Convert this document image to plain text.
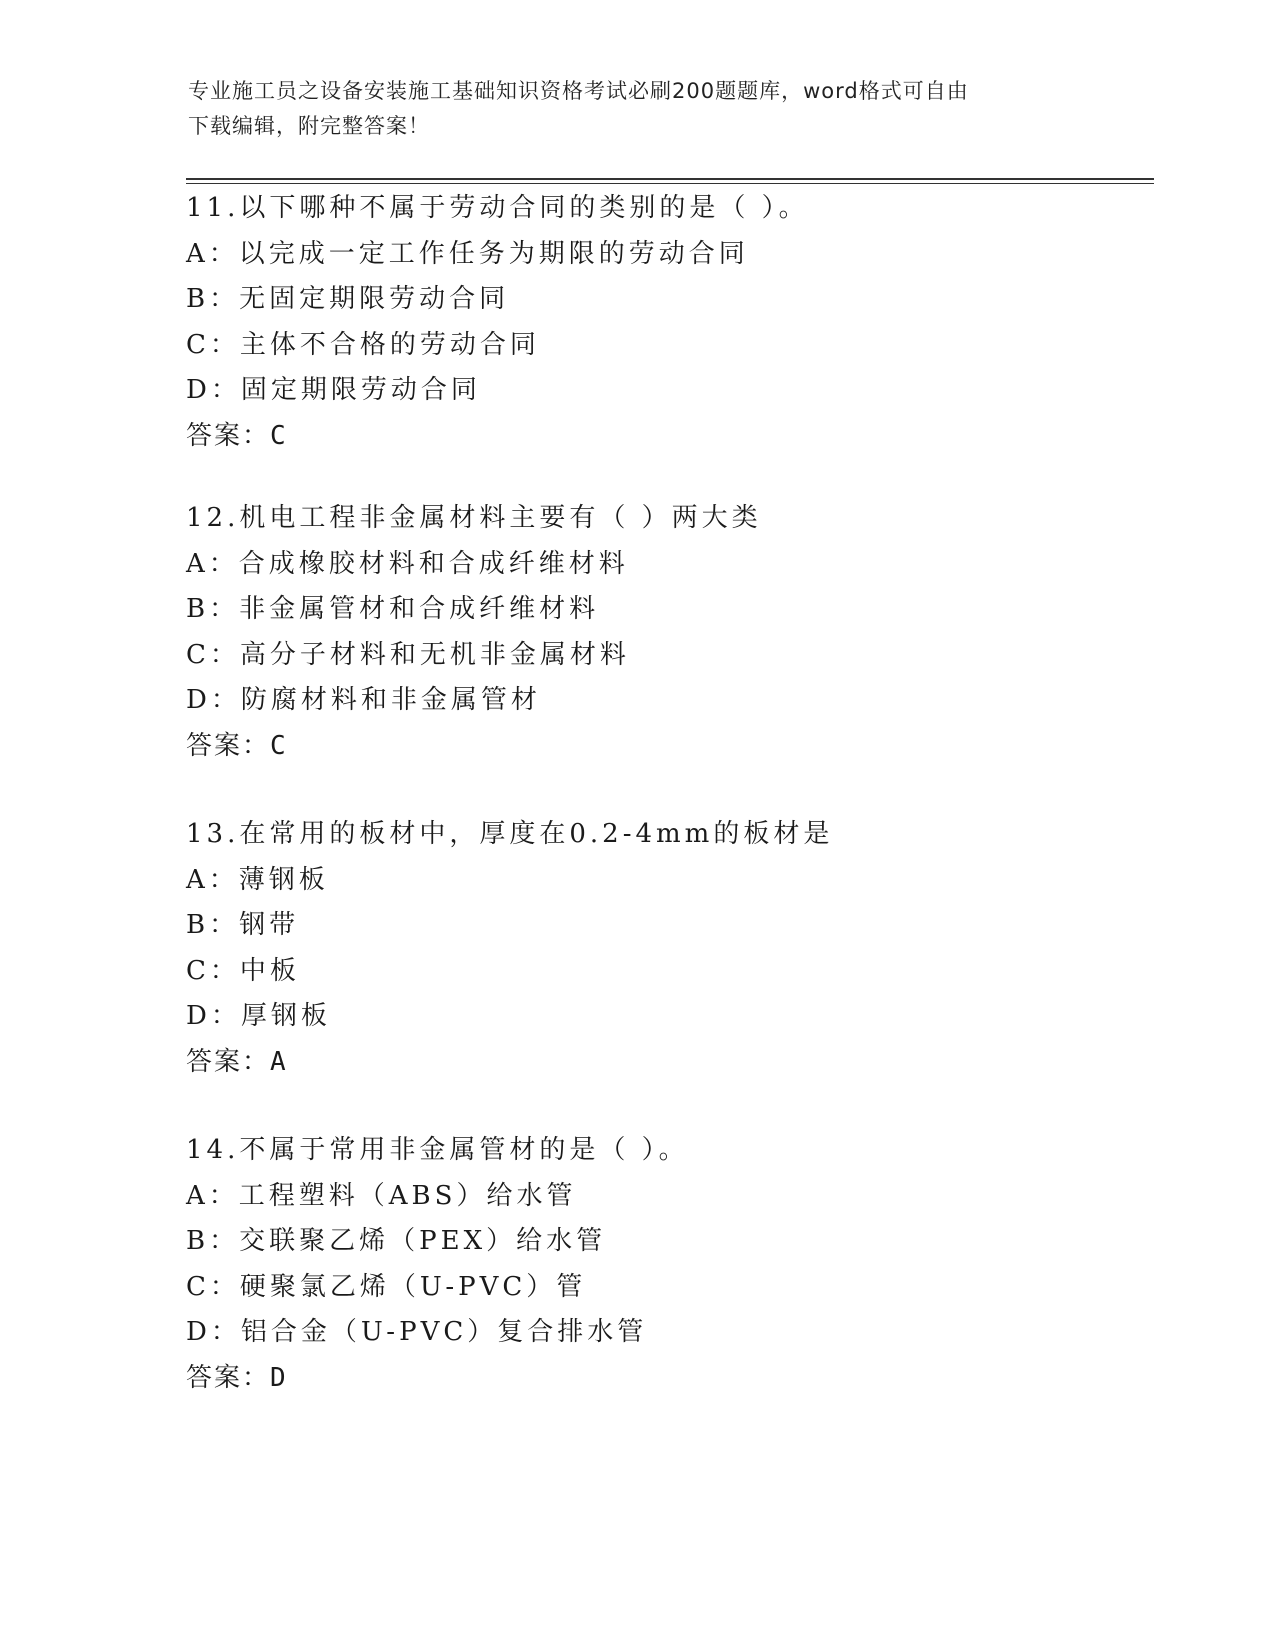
专业施工员之设备安装施工基础知识资格考试必刷200题题库，word格式可自由
下载编辑，附完整答案！
11.以下哪种不属于劳动合同的类别的是（ ）。
A：以完成一定工作任务为期限的劳动合同
B：无固定期限劳动合同
C：主体不合格的劳动合同
D：固定期限劳动合同
答案：C
12.机电工程非金属材料主要有（ ）两大类
A：合成橡胶材料和合成纤维材料
B：非金属管材和合成纤维材料
C：高分子材料和无机非金属材料
D：防腐材料和非金属管材
答案：C
13.在常用的板材中，厚度在0.2-4mm的板材是
A：薄钢板
B：钢带
C：中板
D：厚钢板
答案：A
14.不属于常用非金属管材的是（ ）。
A：工程塑料（ABS）给水管
B：交联聚乙烯（PEX）给水管
C：硬聚氯乙烯（U-PVC）管
D：铝合金（U-PVC）复合排水管
答案：D
